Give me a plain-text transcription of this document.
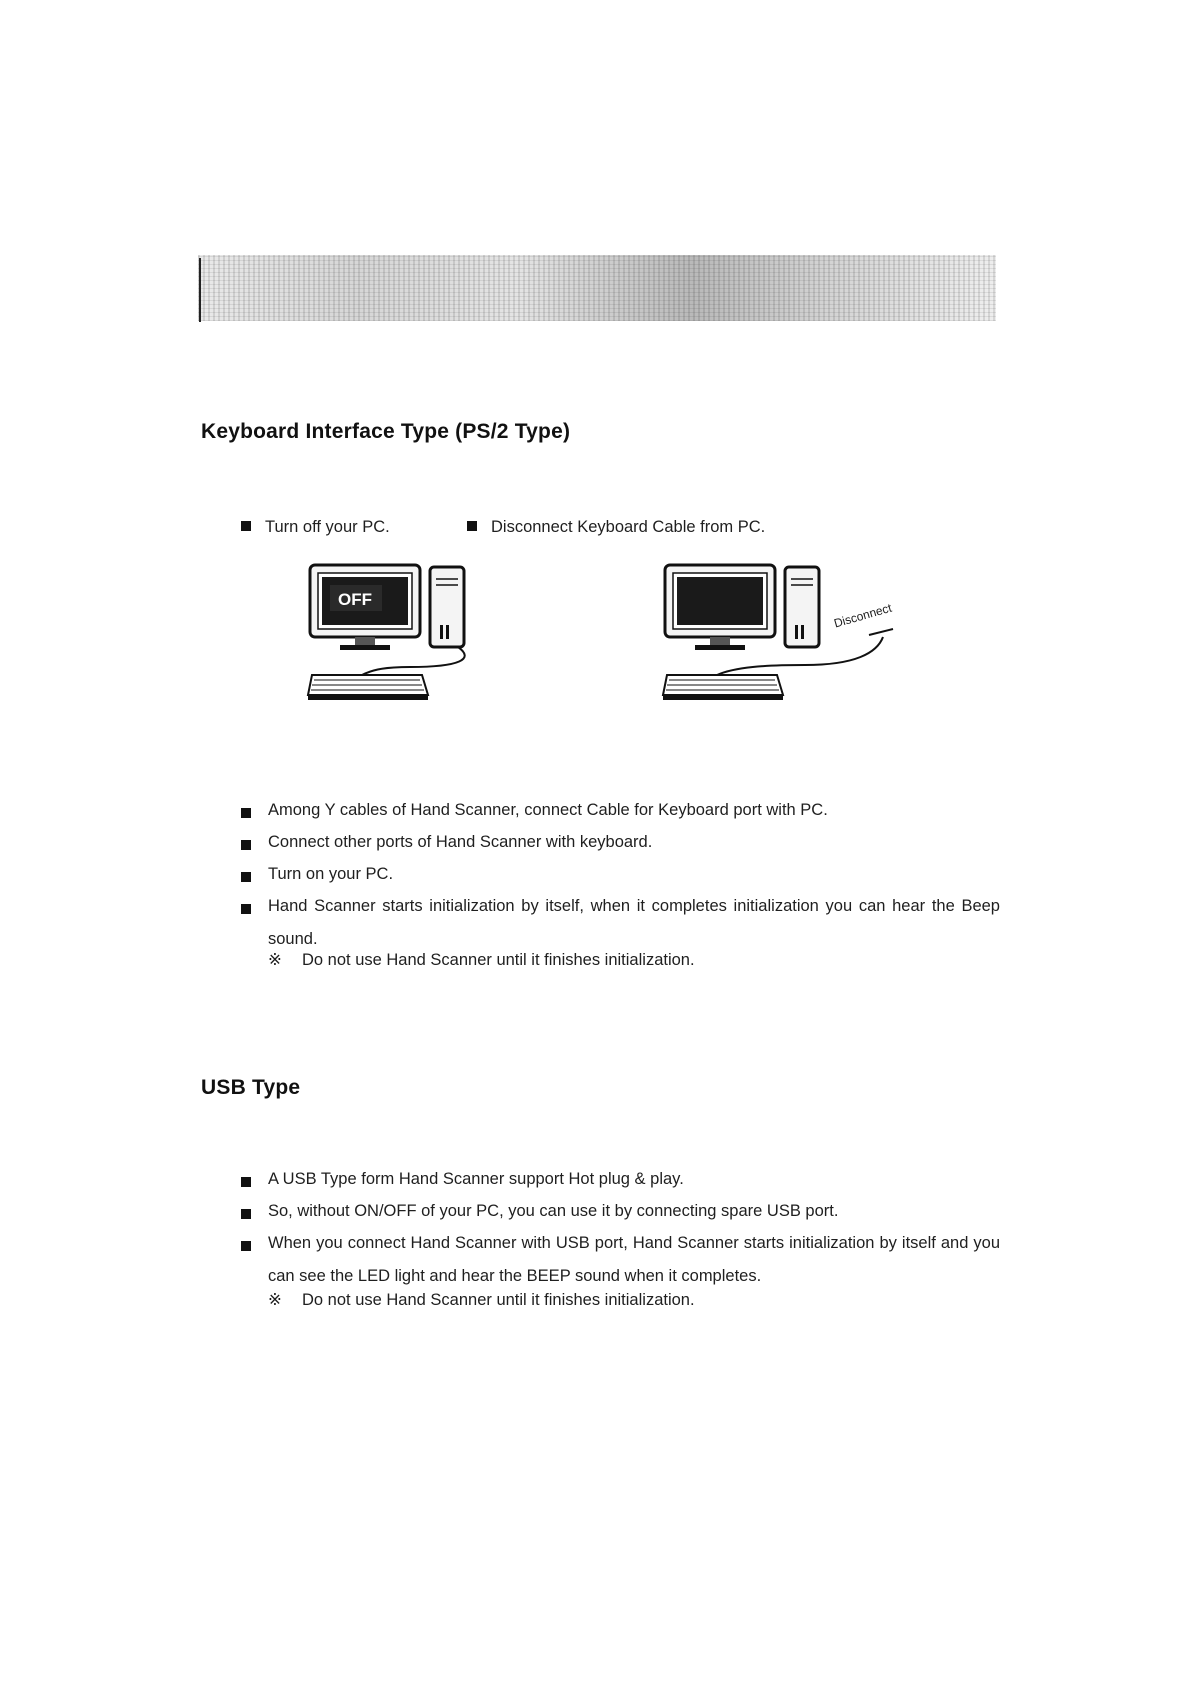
Keyboard Interface Type (PS/2 Type)
Turn off your PC.	Disconnect Keyboard Cable from PC.
OFF
Disconnect
Among Y cables of Hand Scanner, connect Cable for Keyboard port with PC.
Connect other ports of Hand Scanner with keyboard.
Turn on your PC.
Hand Scanner starts initialization by itself, when it completes initialization you can hear the Beep sound.
※ Do not use Hand Scanner until it finishes initialization.
USB Type
A USB Type form Hand Scanner support Hot plug & play.
So, without ON/OFF of your PC, you can use it by connecting spare USB port.
When you connect Hand Scanner with USB port, Hand Scanner starts initialization by itself and you can see the LED light and hear the BEEP sound when it completes.
※ Do not use Hand Scanner until it finishes initialization.
